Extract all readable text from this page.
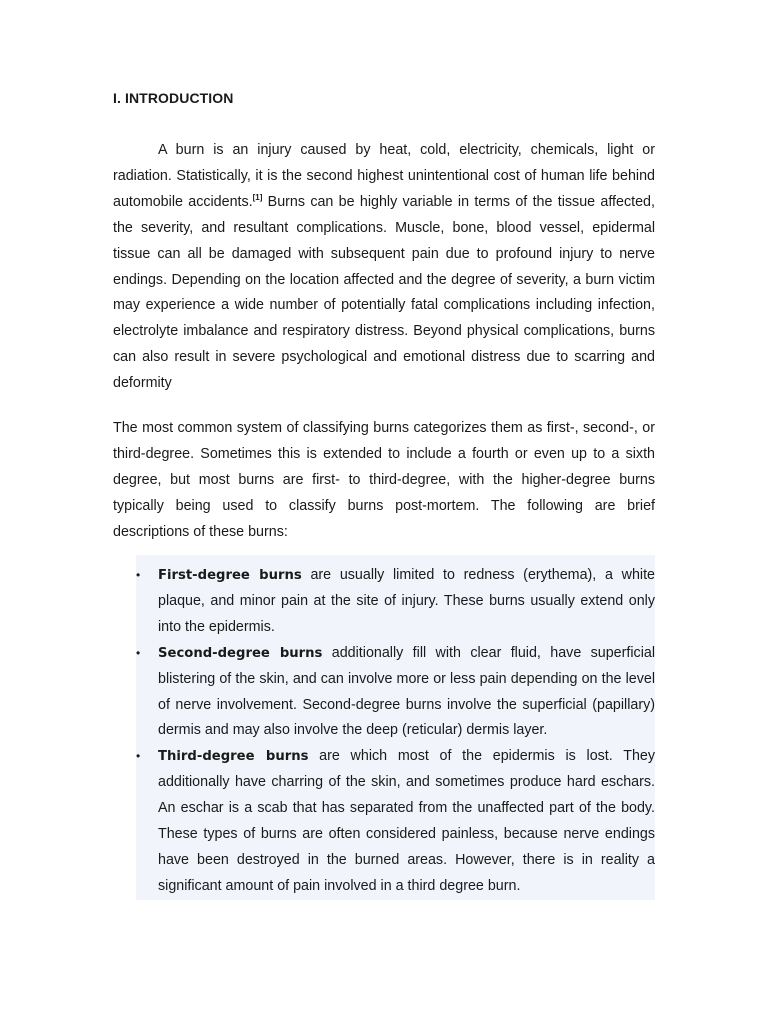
I. INTRODUCTION

A burn is an injury caused by heat, cold, electricity, chemicals, light or radiation. Statistically, it is the second highest unintentional cost of human life behind automobile accidents.[1] Burns can be highly variable in terms of the tissue affected, the severity, and resultant complications. Muscle, bone, blood vessel, epidermal tissue can all be damaged with subsequent pain due to profound injury to nerve endings. Depending on the location affected and the degree of severity, a burn victim may experience a wide number of potentially fatal complications including infection, electrolyte imbalance and respiratory distress. Beyond physical complications, burns can also result in severe psychological and emotional distress due to scarring and deformity

The most common system of classifying burns categorizes them as first-, second-, or third-degree. Sometimes this is extended to include a fourth or even up to a sixth degree, but most burns are first- to third-degree, with the higher-degree burns typically being used to classify burns post-mortem. The following are brief descriptions of these burns:

• First-degree burns are usually limited to redness (erythema), a white plaque, and minor pain at the site of injury. These burns usually extend only into the epidermis.
• Second-degree burns additionally fill with clear fluid, have superficial blistering of the skin, and can involve more or less pain depending on the level of nerve involvement. Second-degree burns involve the superficial (papillary) dermis and may also involve the deep (reticular) dermis layer.
• Third-degree burns are which most of the epidermis is lost. They additionally have charring of the skin, and sometimes produce hard eschars. An eschar is a scab that has separated from the unaffected part of the body. These types of burns are often considered painless, because nerve endings have been destroyed in the burned areas. However, there is in reality a significant amount of pain involved in a third degree burn.
